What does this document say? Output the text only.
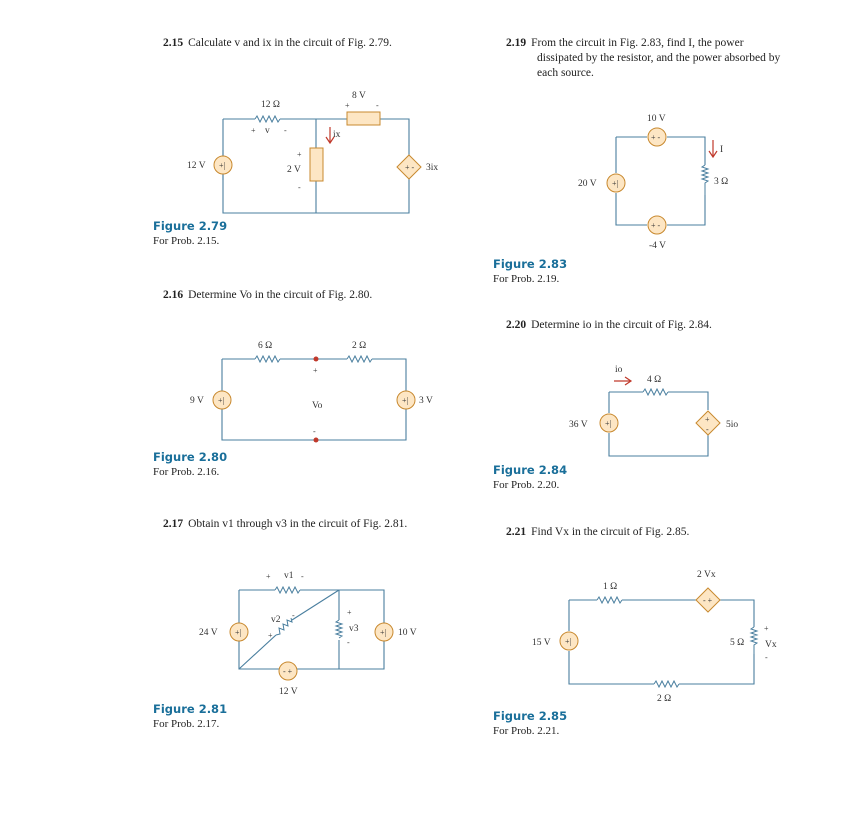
2.15 Calculate v and ix in the circuit of Fig. 2.79.
+|	+ -
12 Ω
+ v -
8 V
+	-
+
2 V
-
ix
12 V	3ix
Figure 2.79
For Prob. 2.15.
2.16 Determine Vo in the circuit of Fig. 2.80.
+|	+|
6 Ω	2 Ω
+
Vo
-
9 V	3 V
Figure 2.80
For Prob. 2.16.
2.17 Obtain v1 through v3 in the circuit of Fig. 2.81.
+|	+|
- +
+ v1 -
v2 -
+
+
v3
-
24 V	10 V
12 V
Figure 2.81
For Prob. 2.17.
2.19 From the circuit in Fig. 2.83, find I, the power
dissipated by the resistor, and the power absorbed by
each source.
+ -
+|
+ -
10 V
20 V
-4 V
3 Ω
I
Figure 2.83
For Prob. 2.19.
2.20 Determine io in the circuit of Fig. 2.84.
+|	+
-
io
4 Ω
36 V	5io
Figure 2.84
For Prob. 2.20.
2.21 Find Vx in the circuit of Fig. 2.85.
+|
- +
1 Ω
2 Vx
15 V
2 Ω
5 Ω
+
Vx
-
Figure 2.85
For Prob. 2.21.
